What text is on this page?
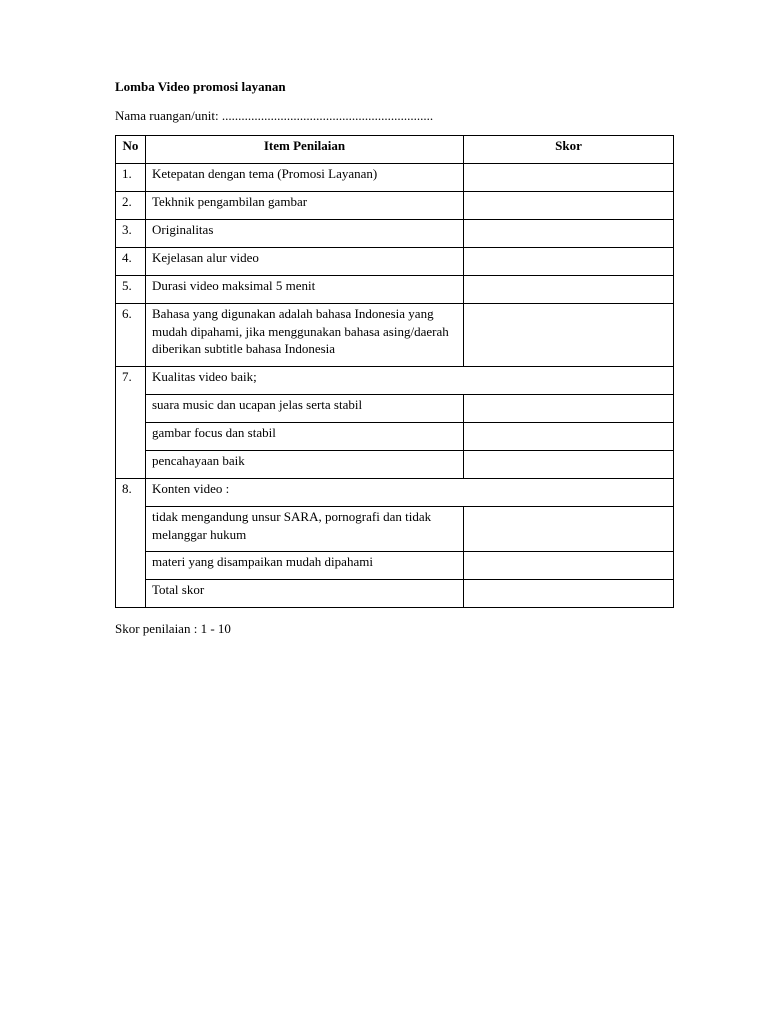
Lomba Video promosi layanan
Nama ruangan/unit: .................................................................
No	Item Penilaian	Skor
1.	Ketepatan dengan tema (Promosi Layanan)	
2.	Tekhnik pengambilan gambar	
3.	Originalitas	
4.	Kejelasan alur video	
5.	Durasi video maksimal 5 menit	
6.	Bahasa yang digunakan adalah bahasa Indonesia yang mudah dipahami, jika menggunakan bahasa asing/daerah diberikan subtitle bahasa Indonesia	
7.	Kualitas video baik;	
	suara music dan ucapan jelas serta stabil	
	gambar focus dan stabil	
	pencahayaan baik	
8.	Konten video :	
	tidak mengandung unsur SARA, pornografi dan tidak melanggar hukum	
	materi yang disampaikan mudah dipahami	
	Total skor	
Skor penilaian : 1 - 10
